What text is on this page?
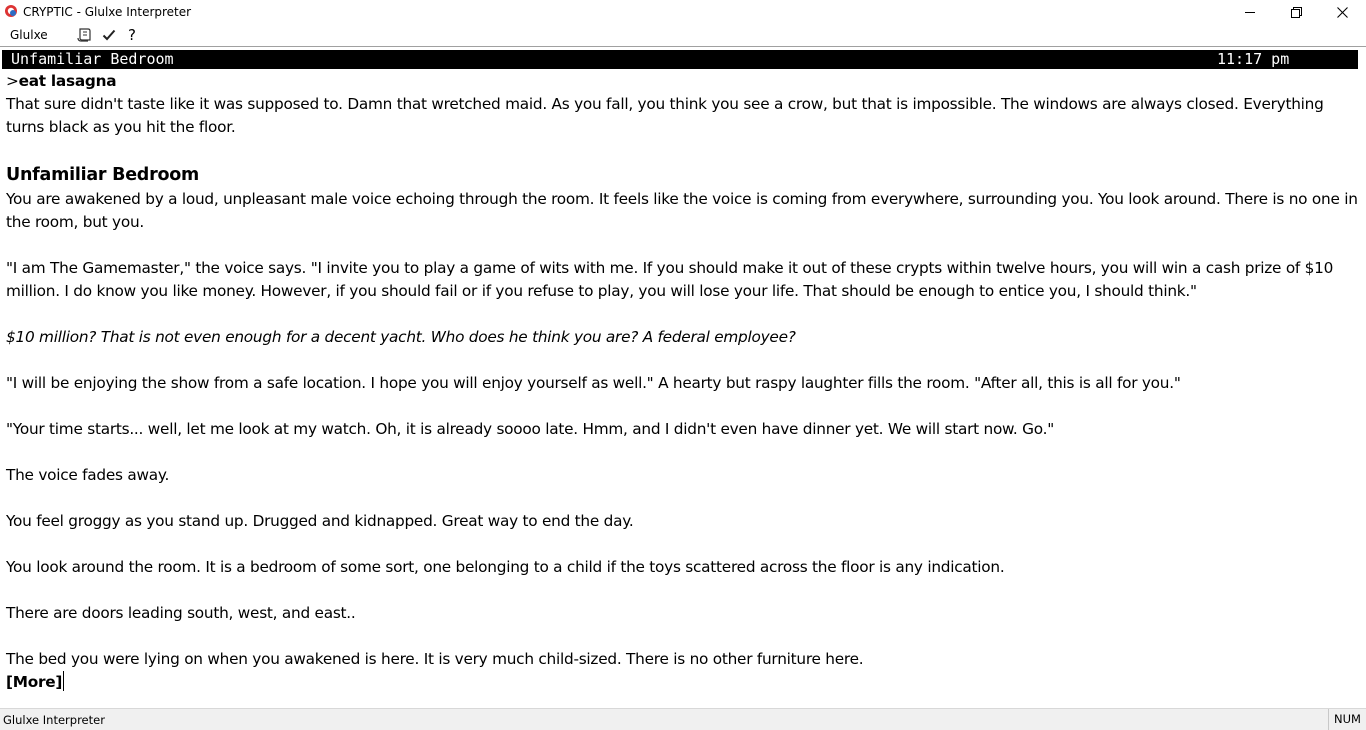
CRYPTIC - Glulxe Interpreter
Glulxe	?
Unfamiliar Bedroom	11:17 pm

>eat lasagna

That sure didn't taste like it was supposed to. Damn that wretched maid. As you fall, you think you see a crow, but that is impossible. The windows are always closed. Everything turns black as you hit the floor.

Unfamiliar Bedroom

You are awakened by a loud, unpleasant male voice echoing through the room. It feels like the voice is coming from everywhere, surrounding you. You look around. There is no one in the room, but you.

"I am The Gamemaster," the voice says. "I invite you to play a game of wits with me. If you should make it out of these crypts within twelve hours, you will win a cash prize of $10 million. I do know you like money. However, if you should fail or if you refuse to play, you will lose your life. That should be enough to entice you, I should think."

$10 million? That is not even enough for a decent yacht. Who does he think you are? A federal employee?

"I will be enjoying the show from a safe location. I hope you will enjoy yourself as well." A hearty but raspy laughter fills the room. "After all, this is all for you."

"Your time starts... well, let me look at my watch. Oh, it is already soooo late. Hmm, and I didn't even have dinner yet. We will start now. Go."

The voice fades away.

You feel groggy as you stand up. Drugged and kidnapped. Great way to end the day.

You look around the room. It is a bedroom of some sort, one belonging to a child if the toys scattered across the floor is any indication.

There are doors leading south, west, and east..

The bed you were lying on when you awakened is here. It is very much child-sized. There is no other furniture here.

[More]

Glulxe Interpreter	NUM
